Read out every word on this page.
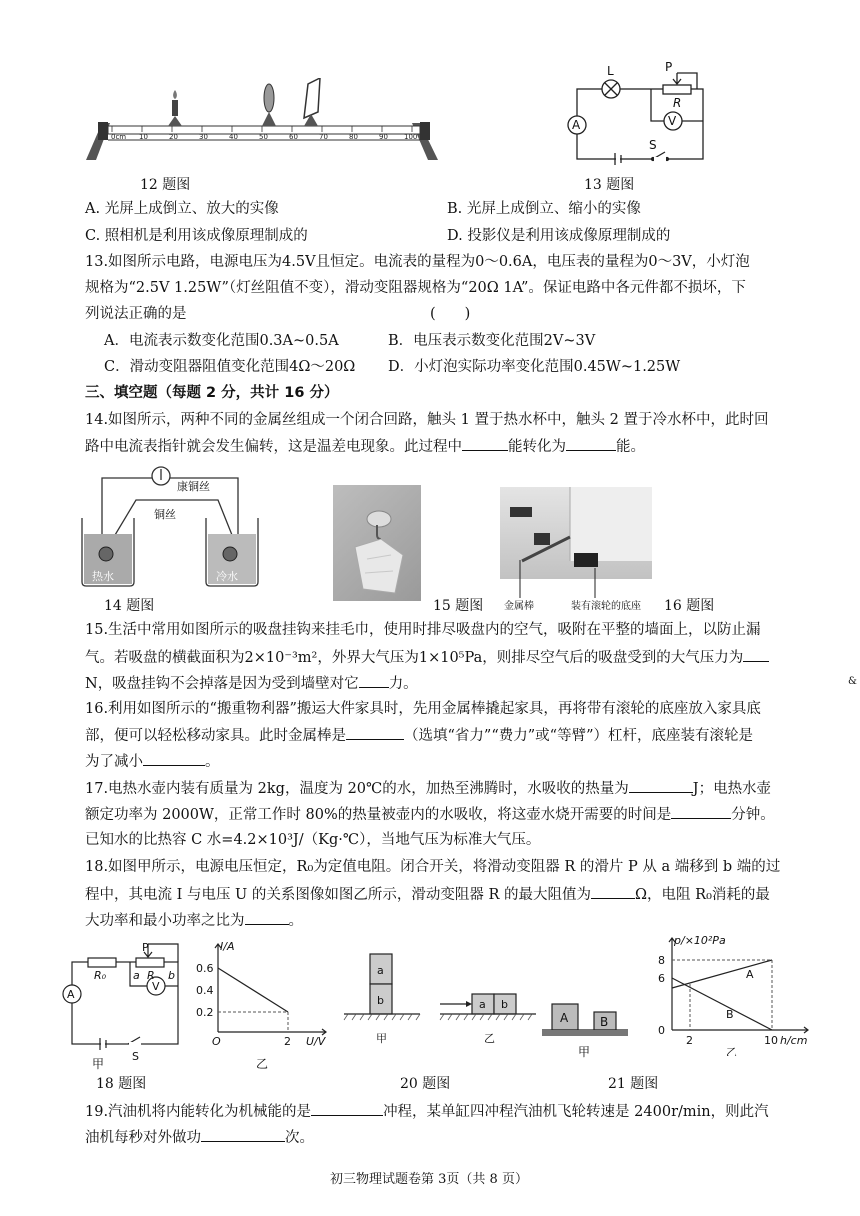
0cm 10	20	30	40	50	60	70	80	90 100
12 题图
L	P
R
A	V
S
13 题图
A. 光屏上成倒立、放大的实像	B. 光屏上成倒立、缩小的实像
C. 照相机是利用该成像原理制成的	D. 投影仪是利用该成像原理制成的
13.如图所示电路，电源电压为4.5V且恒定。电流表的量程为0～0.6A，电压表的量程为0～3V，小灯泡
规格为“2.5V 1.25W”（灯丝阻值不变），滑动变阻器规格为“20Ω 1A”。保证电路中各元件都不损坏，下
列说法正确的是	(　　)
A．电流表示数变化范围0.3A~0.5A	B．电压表示数变化范围2V~3V
C．滑动变阻器阻值变化范围4Ω～20Ω D．小灯泡实际功率变化范围0.45W~1.25W
三、填空题（每题 2 分，共计 16 分）
14.如图所示，两种不同的金属丝组成一个闭合回路，触头 1 置于热水杯中，触头 2 置于冷水杯中，此时回
路中电流表指针就会发生偏转，这是温差电现象。此过程中	能转化为	能。
康铜丝
铜丝
热水	冷水
14 题图	15 题图 金属棒	装有滚轮的底座 16 题图
15.生活中常用如图所示的吸盘挂钩来挂毛巾，使用时排尽吸盘内的空气，吸附在平整的墙面上，以防止漏
气。若吸盘的横截面积为2×10⁻³m²，外界大气压为1×10⁵Pa，则排尽空气后的吸盘受到的大气压力为
N，吸盘挂钩不会掉落是因为受到墙壁对它 力。	&
16.利用如图所示的“搬重物利器”搬运大件家具时，先用金属棒撬起家具，再将带有滚轮的底座放入家具底
部，便可以轻松移动家具。此时金属棒是	（选填“省力”“费力”或“等臂”）杠杆，底座装有滚轮是
为了减小	。
17.电热水壶内装有质量为 2kg，温度为 20℃的水，加热至沸腾时，水吸收的热量为	J；电热水壶
额定功率为 2000W，正常工作时 80%的热量被壶内的水吸收，将这壶水烧开需要的时间是	分钟。
已知水的比热容 C 水=4.2×10³J/（Kg·℃），当地气压为标准大气压。
18.如图甲所示，电源电压恒定，R₀为定值电阻。闭合开关，将滑动变阻器 R 的滑片 P 从 a 端移到 b 端的过
程中，其电流 I 与电压 U 的关系图像如图乙所示，滑动变阻器 R 的最大阻值为	Ω，电阻 R₀消耗的最
大功率和最小功率之比为	。
P
R₀ a R b
A
V
S
甲
I/A
0.6
0.4
0.2
O	2 U/V
乙
18 题图
a
b	a b
甲	乙
20 题图
A	B
甲
p/×10²Pa
8
6
0
2	10 h/cm
A
B
乙
21 题图
19.汽油机将内能转化为机械能的是	冲程，某单缸四冲程汽油机飞轮转速是 2400r/min，则此汽
油机每秒对外做功	次。
初三物理试题卷第 3页（共 8 页）
